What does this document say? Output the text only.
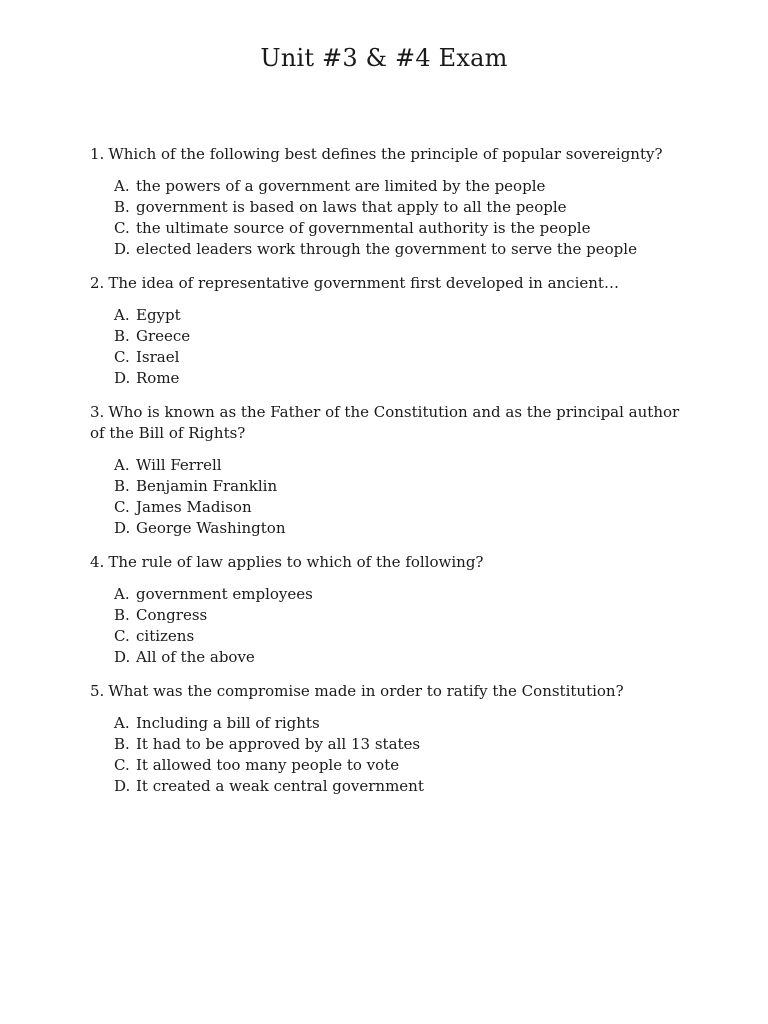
Unit #3 & #4 Exam

1. Which of the following best defines the principle of popular sovereignty?

A. the powers of a government are limited by the people
B. government is based on laws that apply to all the people
C. the ultimate source of governmental authority is the people
D. elected leaders work through the government to serve the people

2. The idea of representative government first developed in ancient…

A. Egypt
B. Greece
C. Israel
D. Rome

3. Who is known as the Father of the Constitution and as the principal author of the Bill of Rights?

A. Will Ferrell
B. Benjamin Franklin
C. James Madison
D. George Washington

4. The rule of law applies to which of the following?

A. government employees
B. Congress
C. citizens
D. All of the above

5. What was the compromise made in order to ratify the Constitution?

A. Including a bill of rights
B. It had to be approved by all 13 states
C. It allowed too many people to vote
D. It created a weak central government
